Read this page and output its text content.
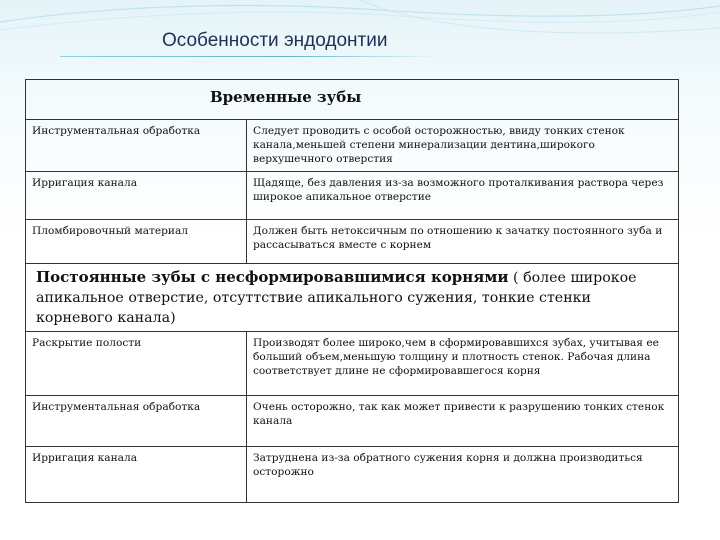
Особенности эндодонтии
Временные зубы	
Инструментальная обработка	Следует проводить с особой осторожностью, ввиду тонких стенок канала,меньшей степени минерализации дентина,широкого верхушечного отверстия
Ирригация канала	Щадяще, без давления из-за возможного проталкивания раствора через широкое апикальное отверстие
Пломбировочный материал	Должен быть нетоксичным по отношению к зачатку постоянного зуба и рассасываться вместе с корнем
Постоянные зубы с несформировавшимися корнями ( более широкое апикальное отверстие, отсуттствие апикального сужения, тонкие стенки корневого канала)	
Раскрытие полости	Производят более широко,чем в сформировавшихся зубах, учитывая ее больший объем,меньшую толщину и плотность стенок. Рабочая длина соответствует длине не сформировавшегося корня
Инструментальная обработка	Очень осторожно, так как может привести к разрушению тонких стенок канала
Ирригация канала	Затруднена из-за обратного сужения корня и должна производиться осторожно
